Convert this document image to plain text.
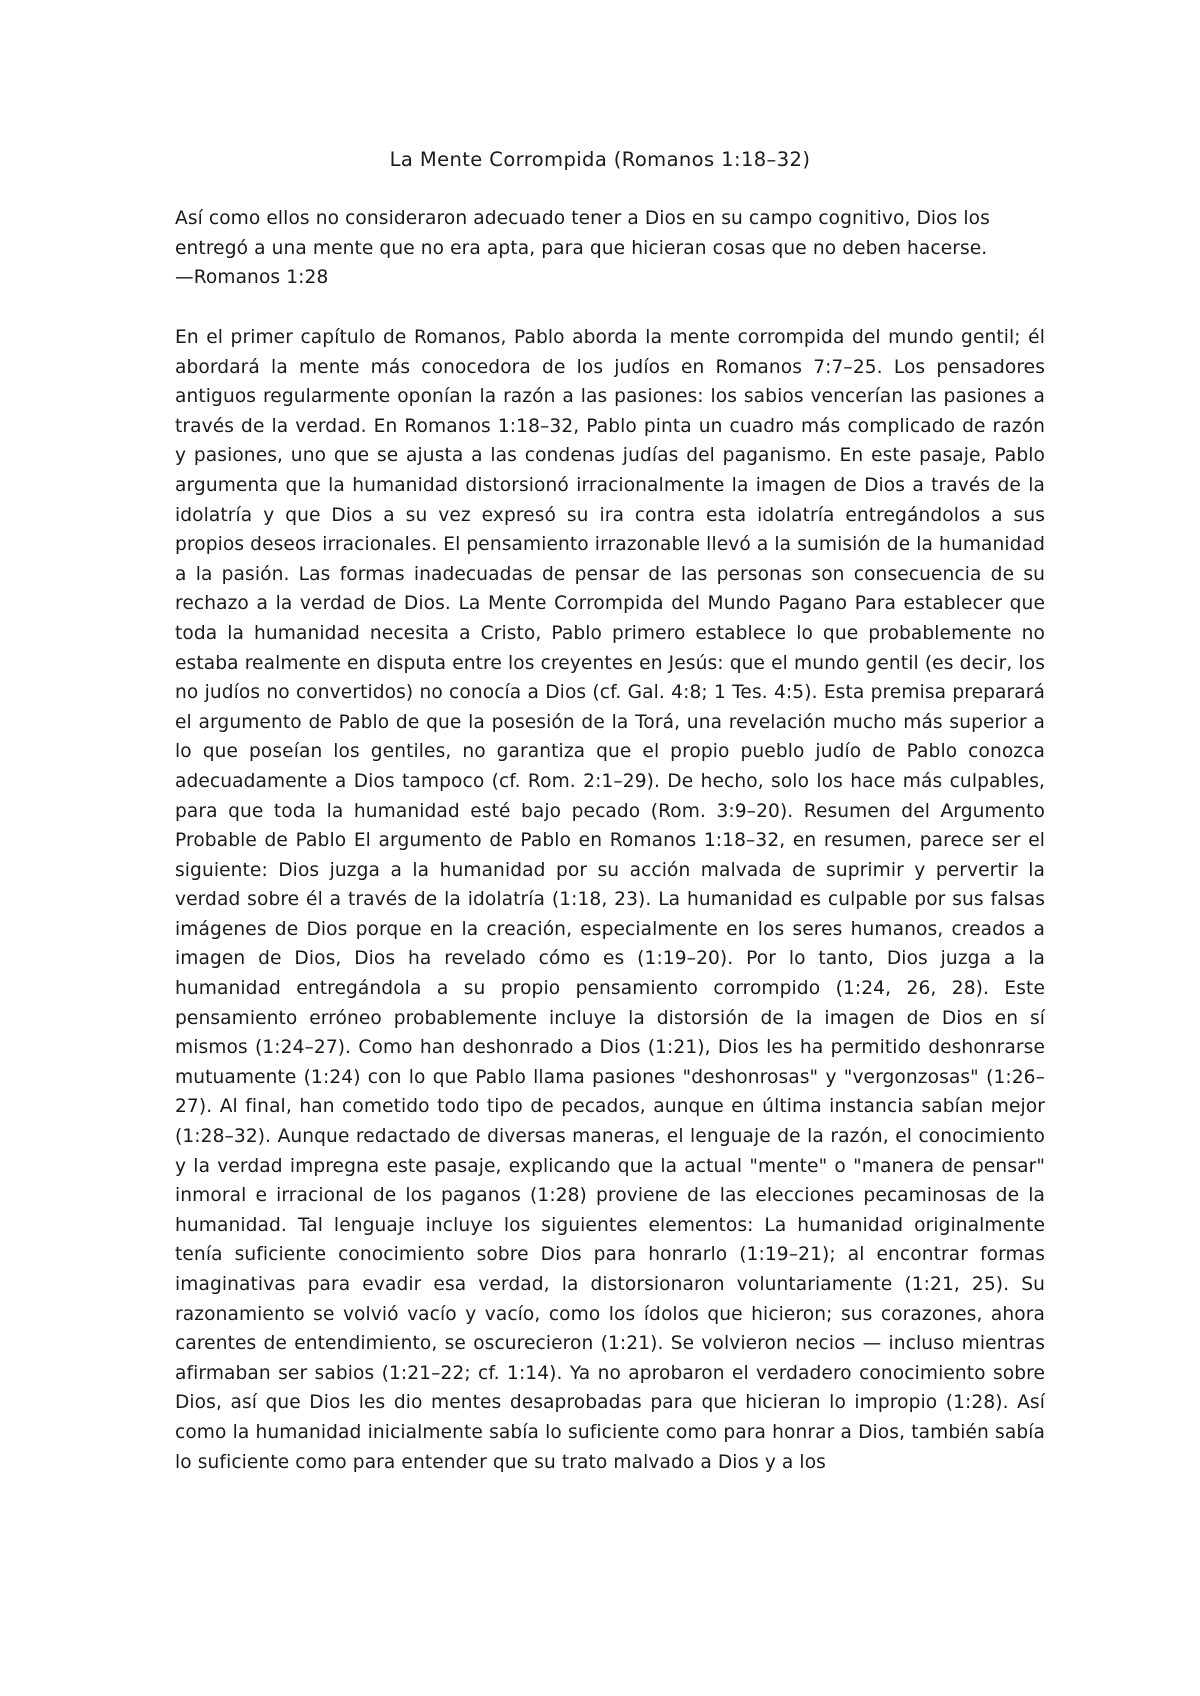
La Mente Corrompida (Romanos 1:18–32)

Así como ellos no consideraron adecuado tener a Dios en su campo cognitivo, Dios los entregó a una mente que no era apta, para que hicieran cosas que no deben hacerse.

—Romanos 1:28

En el primer capítulo de Romanos, Pablo aborda la mente corrompida del mundo gentil; él abordará la mente más conocedora de los judíos en Romanos 7:7–25. Los pensadores antiguos regularmente oponían la razón a las pasiones: los sabios vencerían las pasiones a través de la verdad. En Romanos 1:18–32, Pablo pinta un cuadro más complicado de razón y pasiones, uno que se ajusta a las condenas judías del paganismo. En este pasaje, Pablo argumenta que la humanidad distorsionó irracionalmente la imagen de Dios a través de la idolatría y que Dios a su vez expresó su ira contra esta idolatría entregándolos a sus propios deseos irracionales. El pensamiento irrazonable llevó a la sumisión de la humanidad a la pasión. Las formas inadecuadas de pensar de las personas son consecuencia de su rechazo a la verdad de Dios. La Mente Corrompida del Mundo Pagano Para establecer que toda la humanidad necesita a Cristo, Pablo primero establece lo que probablemente no estaba realmente en disputa entre los creyentes en Jesús: que el mundo gentil (es decir, los no judíos no convertidos) no conocía a Dios (cf. Gal. 4:8; 1 Tes. 4:5). Esta premisa preparará el argumento de Pablo de que la posesión de la Torá, una revelación mucho más superior a lo que poseían los gentiles, no garantiza que el propio pueblo judío de Pablo conozca adecuadamente a Dios tampoco (cf. Rom. 2:1–29). De hecho, solo los hace más culpables, para que toda la humanidad esté bajo pecado (Rom. 3:9–20). Resumen del Argumento Probable de Pablo El argumento de Pablo en Romanos 1:18–32, en resumen, parece ser el siguiente: Dios juzga a la humanidad por su acción malvada de suprimir y pervertir la verdad sobre él a través de la idolatría (1:18, 23). La humanidad es culpable por sus falsas imágenes de Dios porque en la creación, especialmente en los seres humanos, creados a imagen de Dios, Dios ha revelado cómo es (1:19–20). Por lo tanto, Dios juzga a la humanidad entregándola a su propio pensamiento corrompido (1:24, 26, 28). Este pensamiento erróneo probablemente incluye la distorsión de la imagen de Dios en sí mismos (1:24–27). Como han deshonrado a Dios (1:21), Dios les ha permitido deshonrarse mutuamente (1:24) con lo que Pablo llama pasiones "deshonrosas" y "vergonzosas" (1:26–27). Al final, han cometido todo tipo de pecados, aunque en última instancia sabían mejor (1:28–32). Aunque redactado de diversas maneras, el lenguaje de la razón, el conocimiento y la verdad impregna este pasaje, explicando que la actual "mente" o "manera de pensar" inmoral e irracional de los paganos (1:28) proviene de las elecciones pecaminosas de la humanidad. Tal lenguaje incluye los siguientes elementos: La humanidad originalmente tenía suficiente conocimiento sobre Dios para honrarlo (1:19–21); al encontrar formas imaginativas para evadir esa verdad, la distorsionaron voluntariamente (1:21, 25). Su razonamiento se volvió vacío y vacío, como los ídolos que hicieron; sus corazones, ahora carentes de entendimiento, se oscurecieron (1:21). Se volvieron necios — incluso mientras afirmaban ser sabios (1:21–22; cf. 1:14). Ya no aprobaron el verdadero conocimiento sobre Dios, así que Dios les dio mentes desaprobadas para que hicieran lo impropio (1:28). Así como la humanidad inicialmente sabía lo suficiente como para honrar a Dios, también sabía lo suficiente como para entender que su trato malvado a Dios y a los
